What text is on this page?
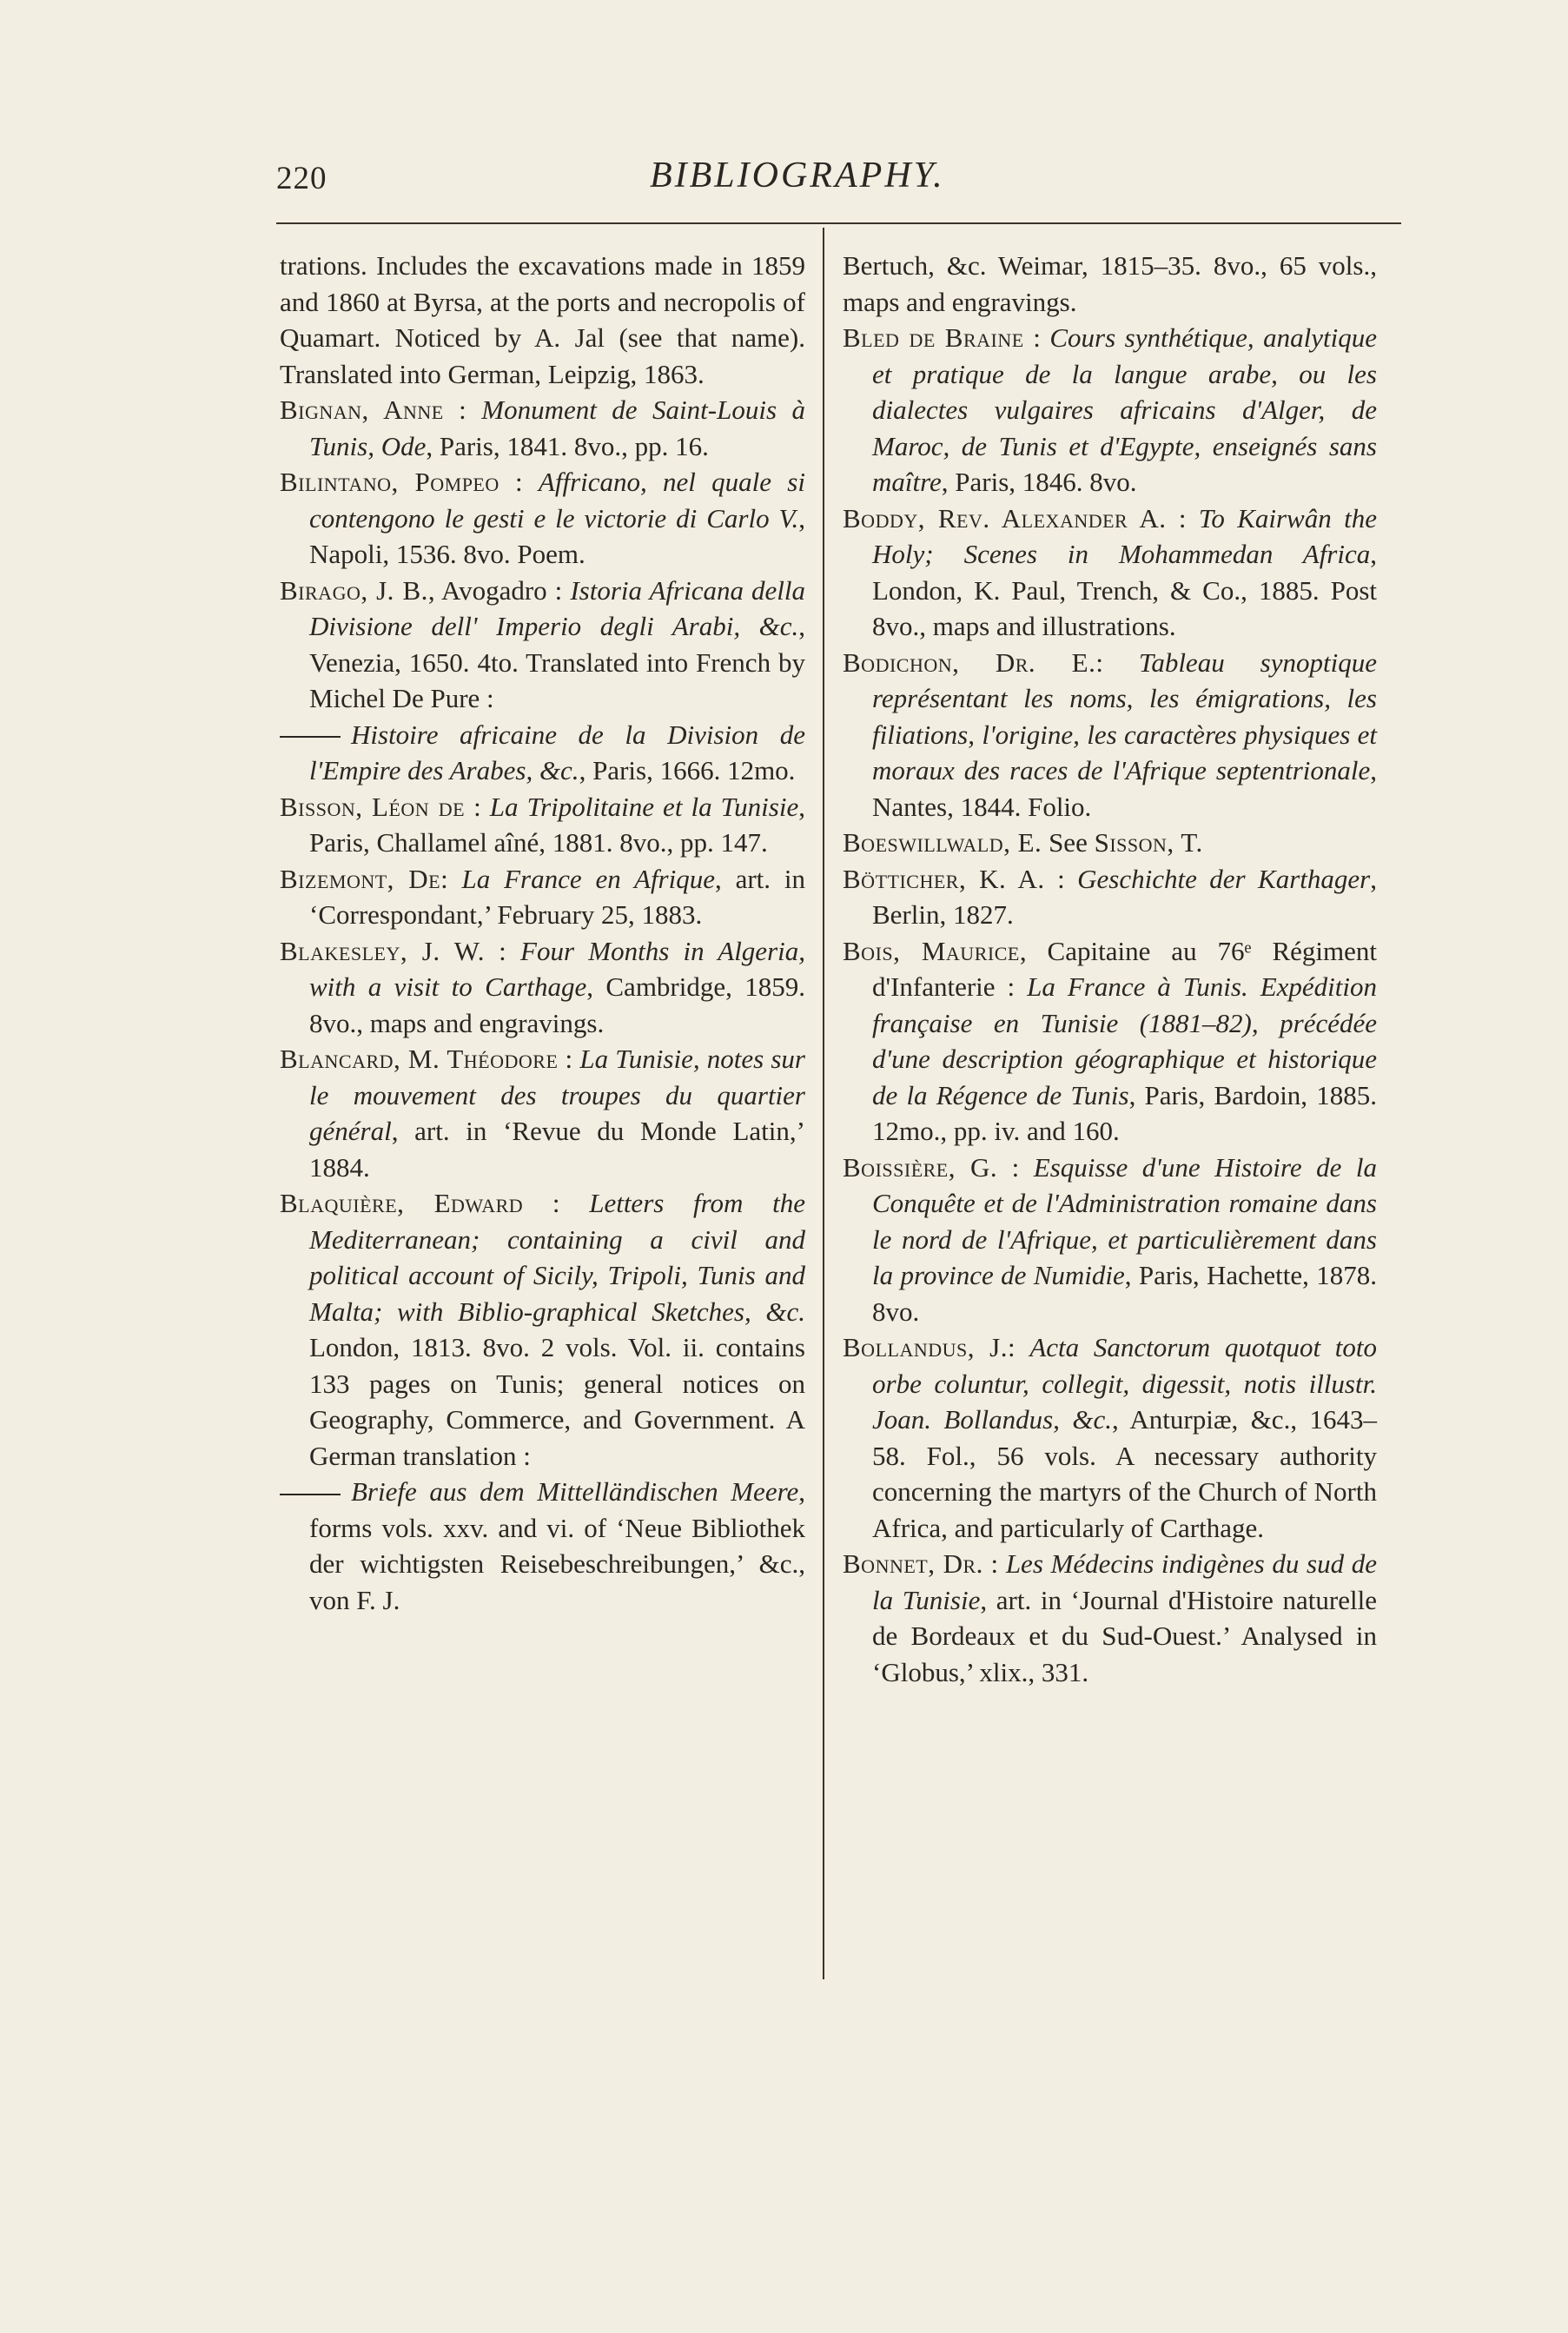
220	BIBLIOGRAPHY.
trations. Includes the excavations made in 1859 and 1860 at Byrsa, at the ports and necropolis of Quamart. Noticed by A. Jal (see that name). Translated into German, Leipzig, 1863.
Bignan, Anne : Monument de Saint-Louis à Tunis, Ode, Paris, 1841. 8vo., pp. 16.
Bilintano, Pompeo : Affricano, nel quale si contengono le gesti e le victorie di Carlo V., Napoli, 1536. 8vo. Poem.
Birago, J. B., Avogadro : Istoria Africana della Divisione dell' Imperio degli Arabi, &c., Venezia, 1650. 4to. Translated into French by Michel De Pure :
Histoire africaine de la Division de l'Empire des Arabes, &c., Paris, 1666. 12mo.
Bisson, Léon de : La Tripolitaine et la Tunisie, Paris, Challamel aîné, 1881. 8vo., pp. 147.
Bizemont, De: La France en Afrique, art. in ‘Correspondant,’ February 25, 1883.
Blakesley, J. W. : Four Months in Algeria, with a visit to Carthage, Cambridge, 1859. 8vo., maps and engravings.
Blancard, M. Théodore : La Tunisie, notes sur le mouvement des troupes du quartier général, art. in ‘Revue du Monde Latin,’ 1884.
Blaquière, Edward : Letters from the Mediterranean; containing a civil and political account of Sicily, Tripoli, Tunis and Malta; with Biblio-graphical Sketches, &c. London, 1813. 8vo. 2 vols. Vol. ii. contains 133 pages on Tunis; general notices on Geography, Commerce, and Government. A German translation :
Briefe aus dem Mittelländischen Meere, forms vols. xxv. and vi. of ‘Neue Bibliothek der wichtigsten Reisebeschreibungen,’ &c., von F. J.
Bertuch, &c. Weimar, 1815–35. 8vo., 65 vols., maps and engravings.
Bled de Braine : Cours synthétique, analytique et pratique de la langue arabe, ou les dialectes vulgaires africains d'Alger, de Maroc, de Tunis et d'Egypte, enseignés sans maître, Paris, 1846. 8vo.
Boddy, Rev. Alexander A. : To Kairwân the Holy; Scenes in Mohammedan Africa, London, K. Paul, Trench, & Co., 1885. Post 8vo., maps and illustrations.
Bodichon, Dr. E.: Tableau synoptique représentant les noms, les émigrations, les filiations, l'origine, les caractères physiques et moraux des races de l'Afrique septentrionale, Nantes, 1844. Folio.
Boeswillwald, E. See Sisson, T.
Bötticher, K. A. : Geschichte der Karthager, Berlin, 1827.
Bois, Maurice, Capitaine au 76ᵉ Régiment d'Infanterie : La France à Tunis. Expédition française en Tunisie (1881–82), précédée d'une description géographique et historique de la Régence de Tunis, Paris, Bardoin, 1885. 12mo., pp. iv. and 160.
Boissière, G. : Esquisse d'une Histoire de la Conquête et de l'Administration romaine dans le nord de l'Afrique, et particulièrement dans la province de Numidie, Paris, Hachette, 1878. 8vo.
Bollandus, J.: Acta Sanctorum quotquot toto orbe coluntur, collegit, digessit, notis illustr. Joan. Bollandus, &c., Anturpiæ, &c., 1643–58. Fol., 56 vols. A necessary authority concerning the martyrs of the Church of North Africa, and particularly of Carthage.
Bonnet, Dr. : Les Médecins indigènes du sud de la Tunisie, art. in ‘Journal d'Histoire naturelle de Bordeaux et du Sud-Ouest.’ Analysed in ‘Globus,’ xlix., 331.
